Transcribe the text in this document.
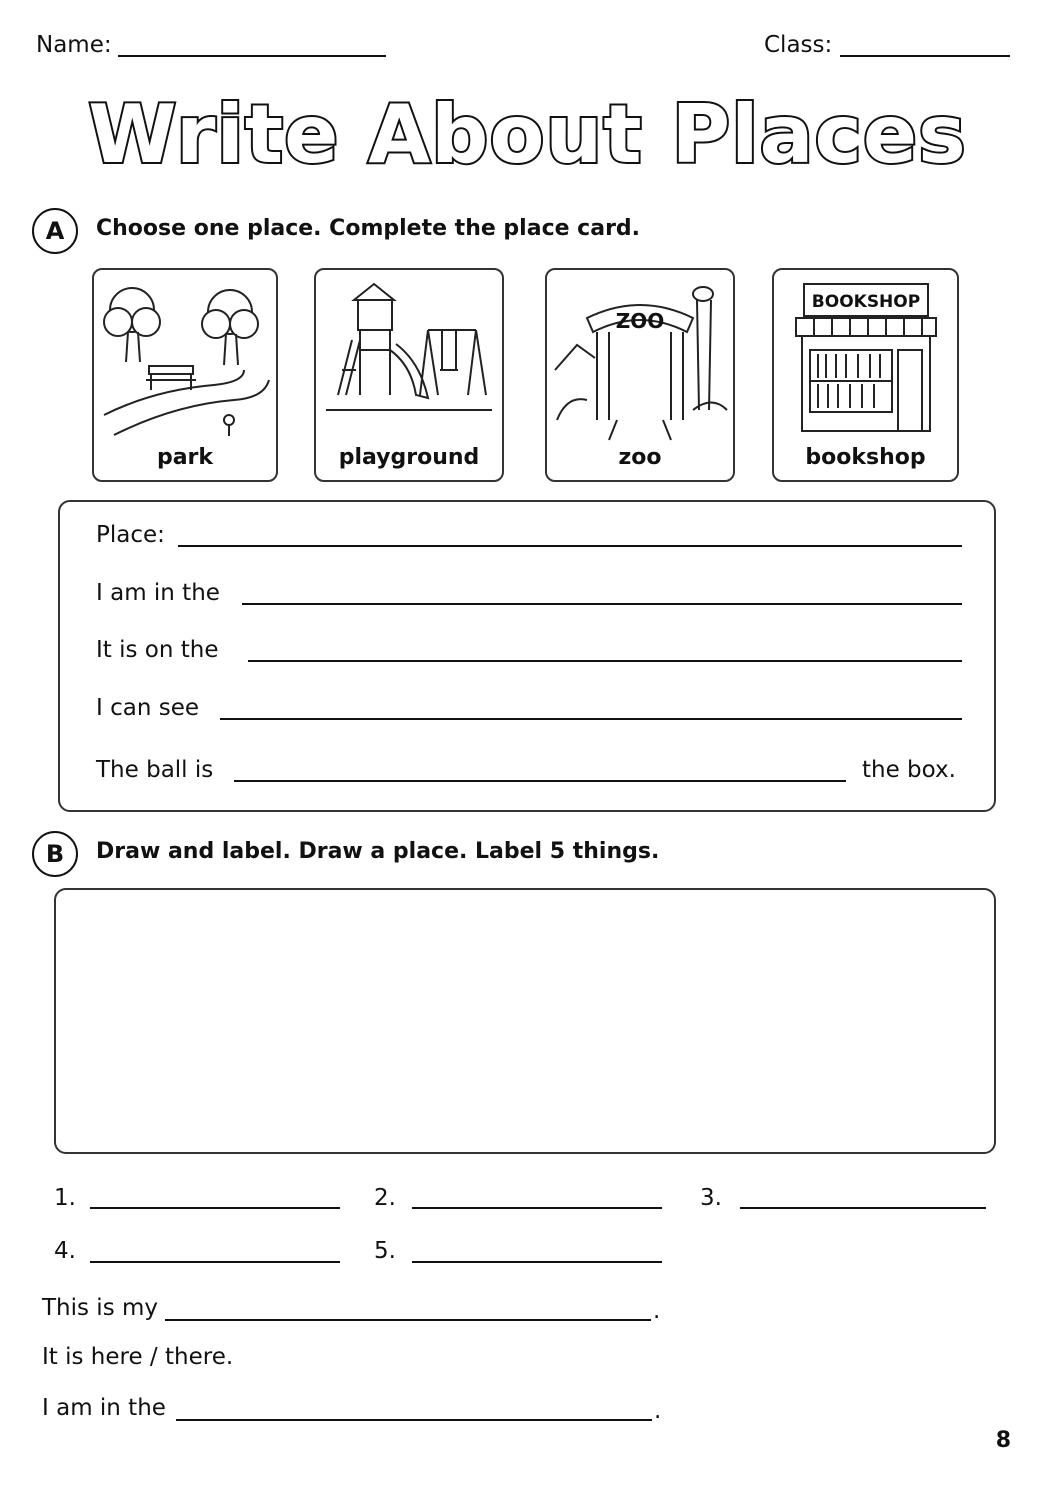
Name:	Class:
Write About Places
A	Choose one place. Complete the place card.
park	playground
ZOO
zoo
BOOKSHOP
bookshop
Place:
I am in the
It is on the
I can see
The ball is	the box.
B	Draw and label. Draw a place. Label 5 things.
1.	2.	3.
4.	5.
This is my	.
It is here / there.
I am in the	.
8
